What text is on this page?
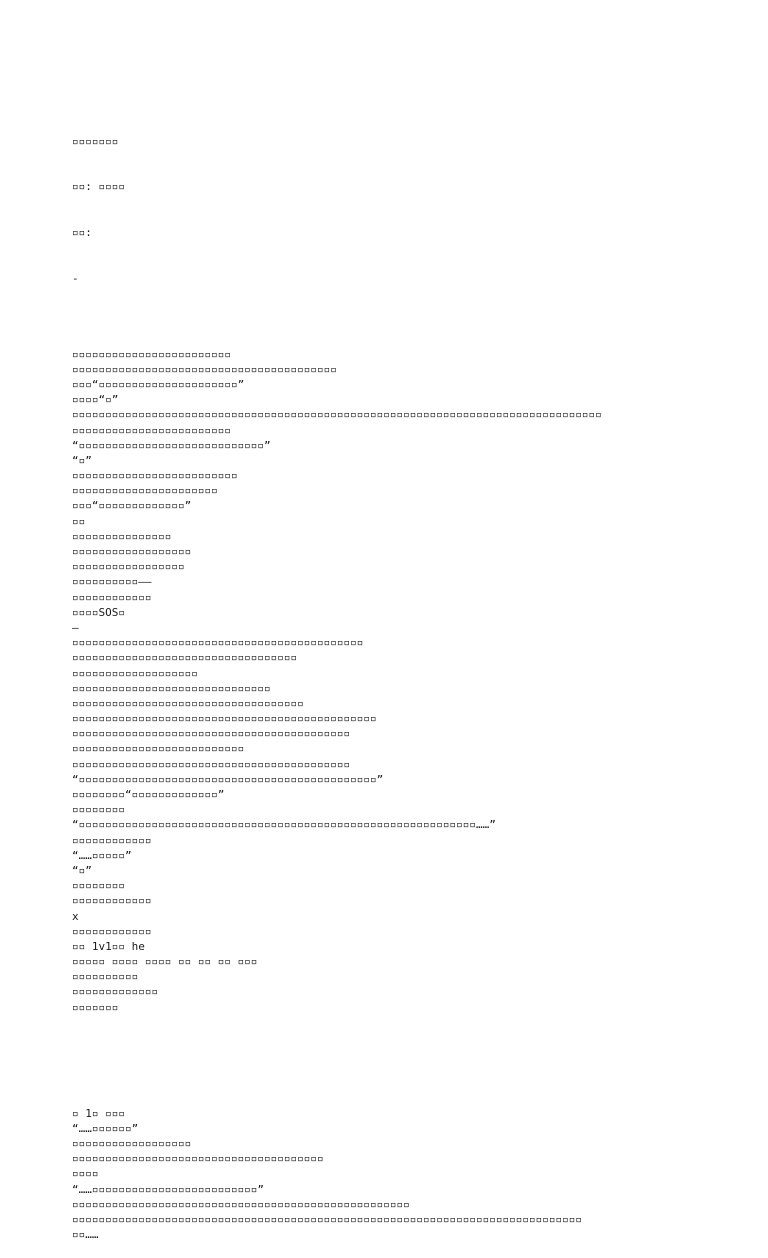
▫▫▫▫▫▫▫

▫▫: ▫▫▫▫

▫▫:

-

▫▫▫▫▫▫▫▫▫▫▫▫▫▫▫▫▫▫▫▫▫▫▫▫
▫▫▫▫▫▫▫▫▫▫▫▫▫▫▫▫▫▫▫▫▫▫▫▫▫▫▫▫▫▫▫▫▫▫▫▫▫▫▫▫
▫▫▫“▫▫▫▫▫▫▫▫▫▫▫▫▫▫▫▫▫▫▫▫▫”
▫▫▫▫“▫”
▫▫▫▫▫▫▫▫▫▫▫▫▫▫▫▫▫▫▫▫▫▫▫▫▫▫▫▫▫▫▫▫▫▫▫▫▫▫▫▫▫▫▫▫▫▫▫▫▫▫▫▫▫▫▫▫▫▫▫▫▫▫▫▫▫▫▫▫▫▫▫▫▫▫▫▫▫▫▫▫
▫▫▫▫▫▫▫▫▫▫▫▫▫▫▫▫▫▫▫▫▫▫▫▫
“▫▫▫▫▫▫▫▫▫▫▫▫▫▫▫▫▫▫▫▫▫▫▫▫▫▫▫▫”
“▫”
▫▫▫▫▫▫▫▫▫▫▫▫▫▫▫▫▫▫▫▫▫▫▫▫▫
▫▫▫▫▫▫▫▫▫▫▫▫▫▫▫▫▫▫▫▫▫▫
▫▫▫“▫▫▫▫▫▫▫▫▫▫▫▫▫”
▫▫
▫▫▫▫▫▫▫▫▫▫▫▫▫▫▫
▫▫▫▫▫▫▫▫▫▫▫▫▫▫▫▫▫▫
▫▫▫▫▫▫▫▫▫▫▫▫▫▫▫▫▫
▫▫▫▫▫▫▫▫▫▫——
▫▫▫▫▫▫▫▫▫▫▫▫
▫▫▫▫SOS▫
—
▫▫▫▫▫▫▫▫▫▫▫▫▫▫▫▫▫▫▫▫▫▫▫▫▫▫▫▫▫▫▫▫▫▫▫▫▫▫▫▫▫▫▫▫
▫▫▫▫▫▫▫▫▫▫▫▫▫▫▫▫▫▫▫▫▫▫▫▫▫▫▫▫▫▫▫▫▫▫
▫▫▫▫▫▫▫▫▫▫▫▫▫▫▫▫▫▫▫
▫▫▫▫▫▫▫▫▫▫▫▫▫▫▫▫▫▫▫▫▫▫▫▫▫▫▫▫▫▫
▫▫▫▫▫▫▫▫▫▫▫▫▫▫▫▫▫▫▫▫▫▫▫▫▫▫▫▫▫▫▫▫▫▫▫
▫▫▫▫▫▫▫▫▫▫▫▫▫▫▫▫▫▫▫▫▫▫▫▫▫▫▫▫▫▫▫▫▫▫▫▫▫▫▫▫▫▫▫▫▫▫
▫▫▫▫▫▫▫▫▫▫▫▫▫▫▫▫▫▫▫▫▫▫▫▫▫▫▫▫▫▫▫▫▫▫▫▫▫▫▫▫▫▫
▫▫▫▫▫▫▫▫▫▫▫▫▫▫▫▫▫▫▫▫▫▫▫▫▫▫
▫▫▫▫▫▫▫▫▫▫▫▫▫▫▫▫▫▫▫▫▫▫▫▫▫▫▫▫▫▫▫▫▫▫▫▫▫▫▫▫▫▫
“▫▫▫▫▫▫▫▫▫▫▫▫▫▫▫▫▫▫▫▫▫▫▫▫▫▫▫▫▫▫▫▫▫▫▫▫▫▫▫▫▫▫▫▫▫”
▫▫▫▫▫▫▫▫“▫▫▫▫▫▫▫▫▫▫▫▫▫”
▫▫▫▫▫▫▫▫
“▫▫▫▫▫▫▫▫▫▫▫▫▫▫▫▫▫▫▫▫▫▫▫▫▫▫▫▫▫▫▫▫▫▫▫▫▫▫▫▫▫▫▫▫▫▫▫▫▫▫▫▫▫▫▫▫▫▫▫▫……”
▫▫▫▫▫▫▫▫▫▫▫▫
“……▫▫▫▫▫”
“▫”
▫▫▫▫▫▫▫▫
▫▫▫▫▫▫▫▫▫▫▫▫
x
▫▫▫▫▫▫▫▫▫▫▫▫
▫▫ 1v1▫▫ he
▫▫▫▫▫ ▫▫▫▫ ▫▫▫▫ ▫▫ ▫▫ ▫▫ ▫▫▫
▫▫▫▫▫▫▫▫▫▫
▫▫▫▫▫▫▫▫▫▫▫▫▫
▫▫▫▫▫▫▫

▫ 1▫ ▫▫▫
“……▫▫▫▫▫▫”
▫▫▫▫▫▫▫▫▫▫▫▫▫▫▫▫▫▫
▫▫▫▫▫▫▫▫▫▫▫▫▫▫▫▫▫▫▫▫▫▫▫▫▫▫▫▫▫▫▫▫▫▫▫▫▫▫
▫▫▫▫
“……▫▫▫▫▫▫▫▫▫▫▫▫▫▫▫▫▫▫▫▫▫▫▫▫▫”
▫▫▫▫▫▫▫▫▫▫▫▫▫▫▫▫▫▫▫▫▫▫▫▫▫▫▫▫▫▫▫▫▫▫▫▫▫▫▫▫▫▫▫▫▫▫▫▫▫▫▫
▫▫▫▫▫▫▫▫▫▫▫▫▫▫▫▫▫▫▫▫▫▫▫▫▫▫▫▫▫▫▫▫▫▫▫▫▫▫▫▫▫▫▫▫▫▫▫▫▫▫▫▫▫▫▫▫▫▫▫▫▫▫▫▫▫▫▫▫▫▫▫▫▫▫▫▫▫
▫▫……
